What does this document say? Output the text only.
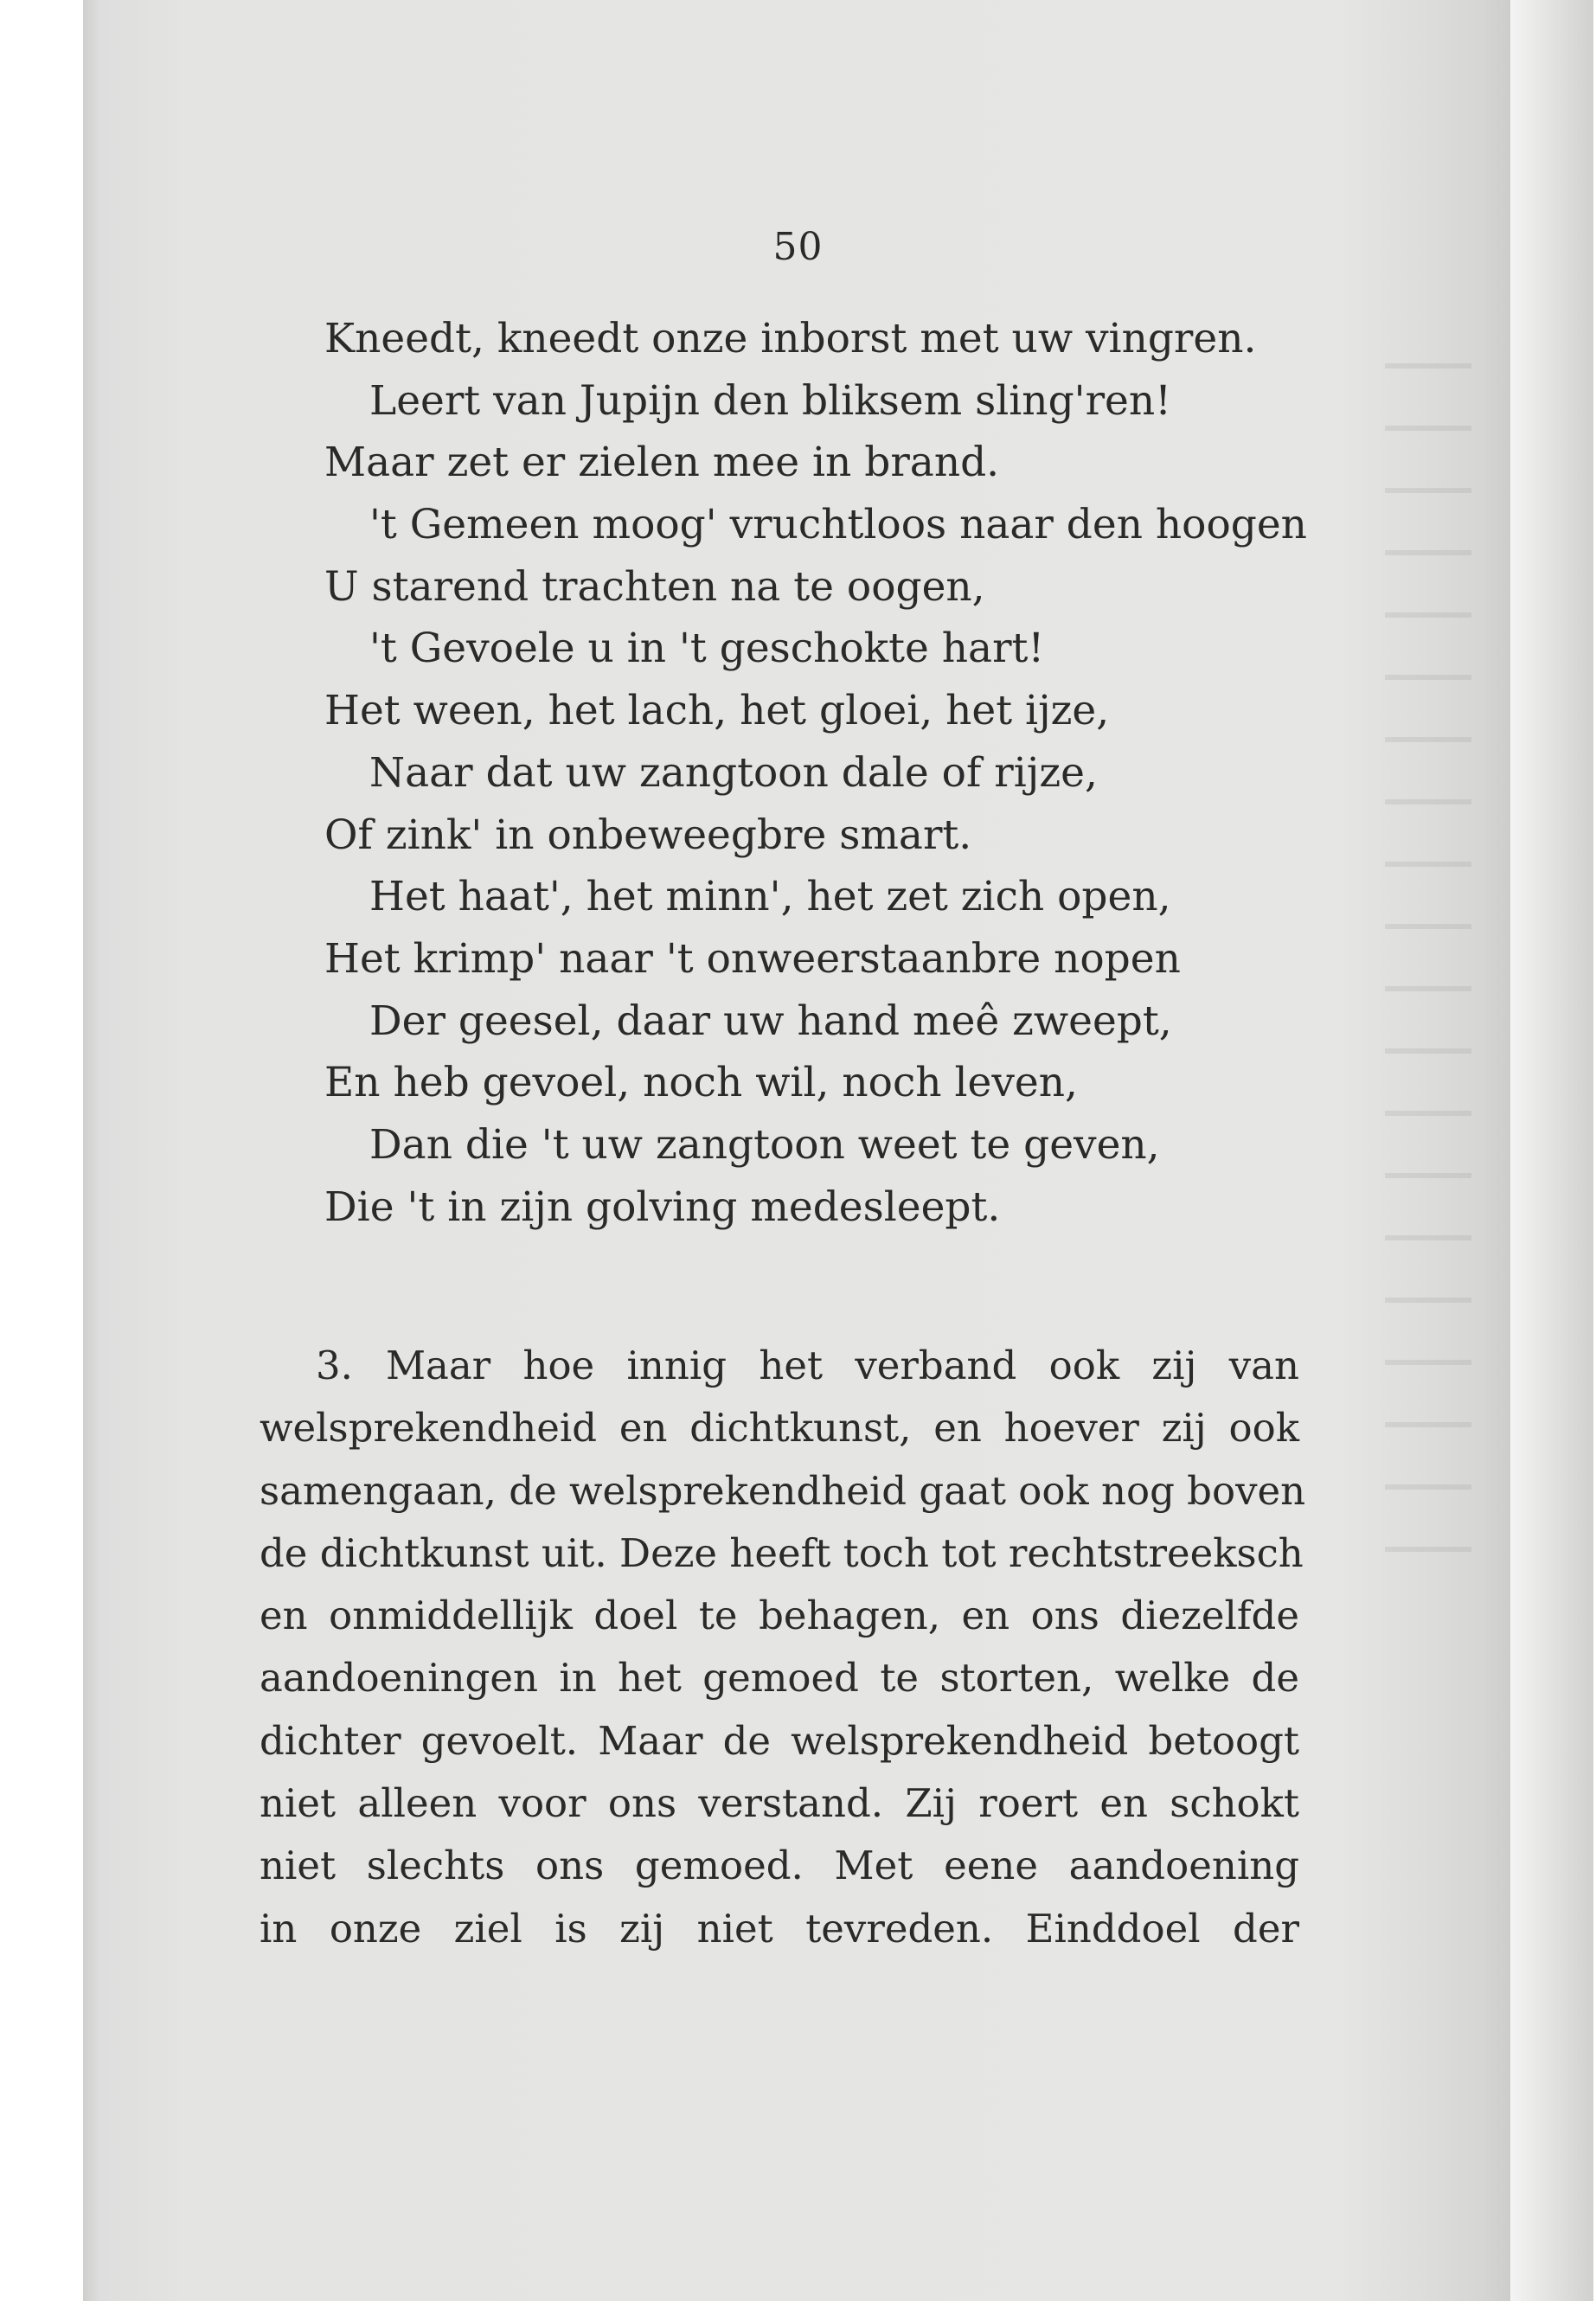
50
Kneedt, kneedt onze inborst met uw vingren.
Leert van Jupijn den bliksem sling'ren!
Maar zet er zielen mee in brand.
't Gemeen moog' vruchtloos naar den hoogen
U starend trachten na te oogen,
't Gevoele u in 't geschokte hart!
Het ween, het lach, het gloei, het ijze,
Naar dat uw zangtoon dale of rijze,
Of zink' in onbeweegbre smart.
Het haat', het minn', het zet zich open,
Het krimp' naar 't onweerstaanbre nopen
Der geesel, daar uw hand meê zweept,
En heb gevoel, noch wil, noch leven,
Dan die 't uw zangtoon weet te geven,
Die 't in zijn golving medesleept.
3. Maar hoe innig het verband ook zij van
welsprekendheid en dichtkunst, en hoever zij ook
samengaan, de welsprekendheid gaat ook nog boven
de dichtkunst uit. Deze heeft toch tot rechtstreeksch
en onmiddellijk doel te behagen, en ons diezelfde
aandoeningen in het gemoed te storten, welke de
dichter gevoelt. Maar de welsprekendheid betoogt
niet alleen voor ons verstand. Zij roert en schokt
niet slechts ons gemoed. Met eene aandoening
in onze ziel is zij niet tevreden. Einddoel der
